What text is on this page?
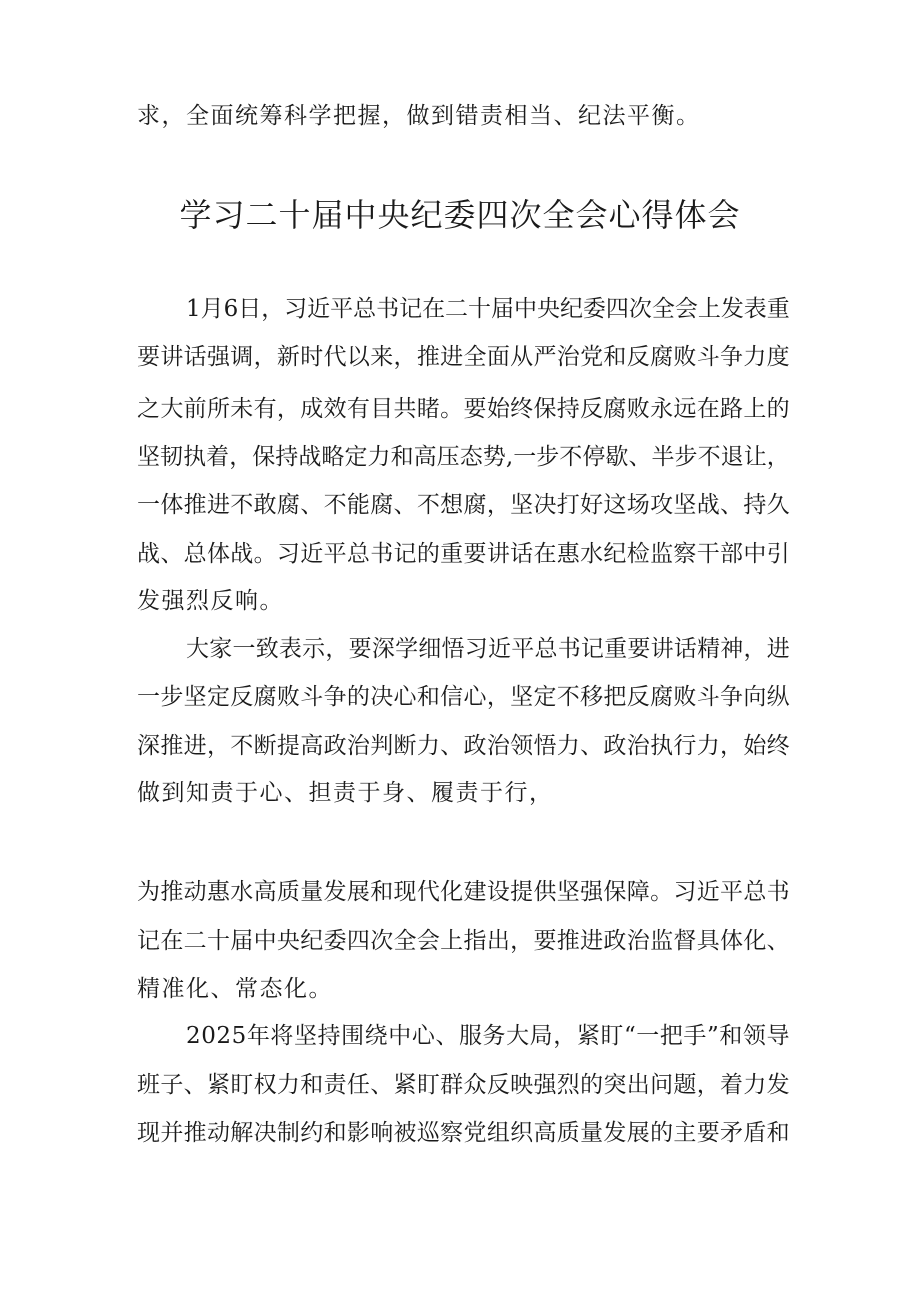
求，全面统筹科学把握，做到错责相当、纪法平衡。
学习二十届中央纪委四次全会心得体会
1月6日，习近平总书记在二十届中央纪委四次全会上发表重
要讲话强调，新时代以来，推进全面从严治党和反腐败斗争力度
之大前所未有，成效有目共睹。要始终保持反腐败永远在路上的
坚韧执着，保持战略定力和高压态势,一步不停歇、半步不退让，
一体推进不敢腐、不能腐、不想腐，坚决打好这场攻坚战、持久
战、总体战。习近平总书记的重要讲话在惠水纪检监察干部中引
发强烈反响。
大家一致表示，要深学细悟习近平总书记重要讲话精神，进
一步坚定反腐败斗争的决心和信心，坚定不移把反腐败斗争向纵
深推进，不断提高政治判断力、政治领悟力、政治执行力，始终
做到知责于心、担责于身、履责于行，
为推动惠水高质量发展和现代化建设提供坚强保障。习近平总书
记在二十届中央纪委四次全会上指出，要推进政治监督具体化、
精准化、常态化。
2025年将坚持围绕中心、服务大局，紧盯“一把手”和领导
班子、紧盯权力和责任、紧盯群众反映强烈的突出问题，着力发
现并推动解决制约和影响被巡察党组织高质量发展的主要矛盾和
